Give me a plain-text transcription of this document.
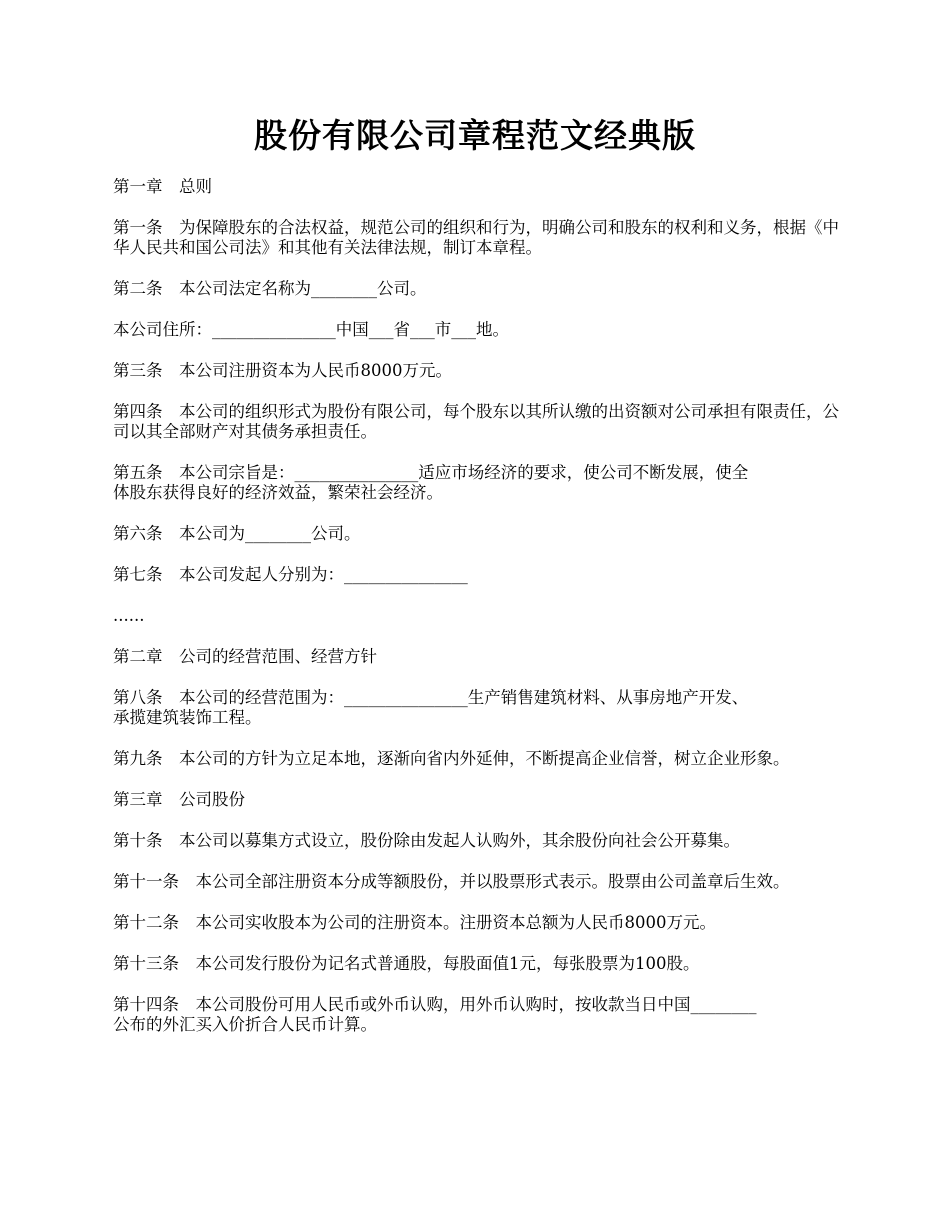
股份有限公司章程范文经典版

第一章　总则

第一条　为保障股东的合法权益，规范公司的组织和行为，明确公司和股东的权利和义务，根据《中华人民共和国公司法》和其他有关法律法规，制订本章程。

第二条　本公司法定名称为________公司。

本公司住所：_______________中国___省___市___地。

第三条　本公司注册资本为人民币8000万元。

第四条　本公司的组织形式为股份有限公司，每个股东以其所认缴的出资额对公司承担有限责任，公司以其全部财产对其债务承担责任。

第五条　本公司宗旨是：_______________适应市场经济的要求，使公司不断发展，使全
体股东获得良好的经济效益，繁荣社会经济。

第六条　本公司为________公司。

第七条　本公司发起人分别为：_______________

......

第二章　公司的经营范围、经营方针

第八条　本公司的经营范围为：_______________生产销售建筑材料、从事房地产开发、
承揽建筑装饰工程。

第九条　本公司的方针为立足本地，逐渐向省内外延伸，不断提高企业信誉，树立企业形象。

第三章　公司股份

第十条　本公司以募集方式设立，股份除由发起人认购外，其余股份向社会公开募集。

第十一条　本公司全部注册资本分成等额股份，并以股票形式表示。股票由公司盖章后生效。

第十二条　本公司实收股本为公司的注册资本。注册资本总额为人民币8000万元。

第十三条　本公司发行股份为记名式普通股，每股面值1元，每张股票为100股。

第十四条　本公司股份可用人民币或外币认购，用外币认购时，按收款当日中国________
公布的外汇买入价折合人民币计算。
